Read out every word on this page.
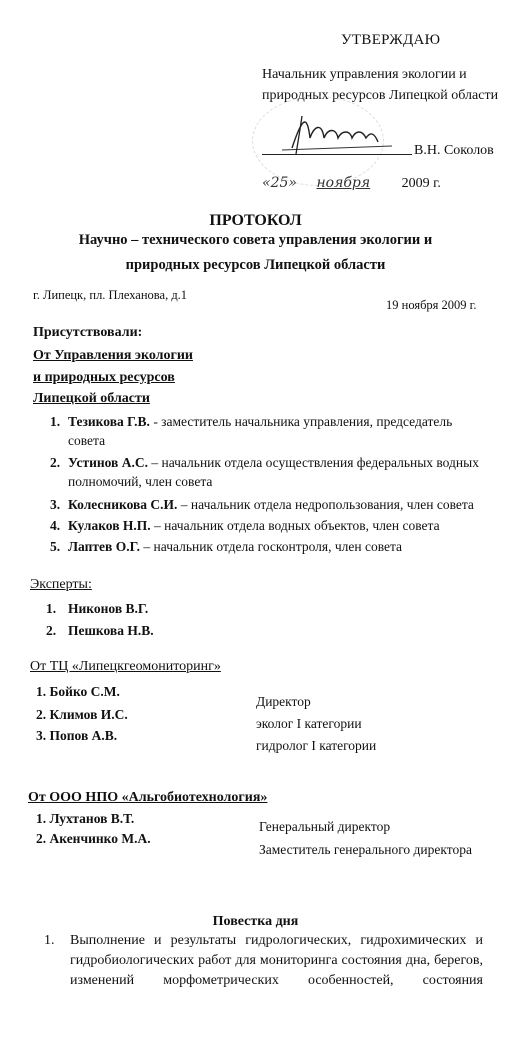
УТВЕРЖДАЮ
Начальник управления экологии и
природных ресурсов Липецкой области
В.Н. Соколов
«25» ноября 2009 г.
ПРОТОКОЛ
Научно – технического совета управления экологии и
природных ресурсов Липецкой области
г. Липецк, пл. Плеханова, д.1
19 ноября 2009 г.
Присутствовали:
От Управления экологии
и природных ресурсов
Липецкой области
1. Тезикова Г.В. - заместитель начальника управления, председатель
совета
2. Устинов А.С. – начальник отдела осуществления федеральных водных
полномочий, член совета
3. Колесникова С.И. – начальник отдела недропользования, член совета
4. Кулаков Н.П. – начальник отдела водных объектов, член совета
5. Лаптев О.Г. – начальник отдела госконтроля, член совета
Эксперты:
1. Никонов В.Г.
2. Пешкова Н.В.
От ТЦ «Липецкгеомониторинг»
1. Бойко С.М.
2. Климов И.С.
3. Попов А.В.
Директор
эколог I категории
гидролог I категории
От ООО НПО «Альгобиотехнология»
1. Лухтанов В.Т.
2. Акенчинко М.А.
Генеральный директор
Заместитель генерального директора
Повестка дня
1. Выполнение и результаты гидрологических, гидрохимических и
гидробиологических работ для мониторинга состояния дна, берегов,
изменений морфометрических особенностей, состояния
